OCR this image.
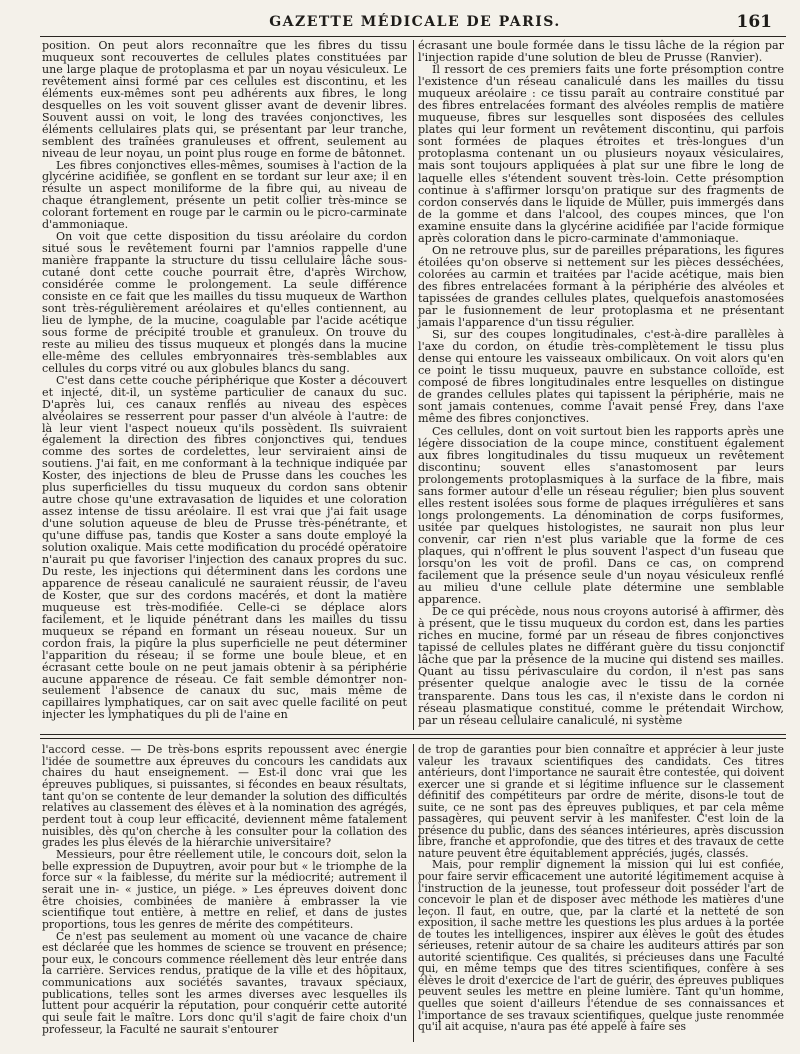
GAZETTE MÉDICALE DE PARIS.	161

position. On peut alors reconnaître que les fibres du tissu muqueux sont recouvertes de cellules plates constituées par une large plaque de protoplasma et par un noyau vésiculeux. Le revêtement ainsi formé par ces cellules est discontinu, et les éléments eux-mêmes sont peu adhérents aux fibres, le long desquelles on les voit souvent glisser avant de devenir libres. Souvent aussi on voit, le long des travées conjonctives, les éléments cellulaires plats qui, se présentant par leur tranche, semblent des traînées granuleuses et offrent, seulement au niveau de leur noyau, un point plus rouge en forme de bâtonnet.

Les fibres conjonctives elles-mêmes, soumises à l'action de la glycérine acidifiée, se gonflent en se tordant sur leur axe; il en résulte un aspect moniliforme de la fibre qui, au niveau de chaque étranglement, présente un petit collier très-mince se colorant fortement en rouge par le carmin ou le picro-carminate d'ammoniaque.

On voit que cette disposition du tissu aréolaire du cordon situé sous le revêtement fourni par l'amnios rappelle d'une manière frappante la structure du tissu cellulaire lâche sous-cutané dont cette couche pourrait être, d'après Wirchow, considérée comme le prolongement. La seule différence consiste en ce fait que les mailles du tissu muqueux de Warthon sont très-régulièrement aréolaires et qu'elles contiennent, au lieu de lymphe, de la mucine, coagulable par l'acide acétique sous forme de précipité trouble et granuleux. On trouve du reste au milieu des tissus muqueux et plongés dans la mucine elle-même des cellules embryonnaires très-semblables aux cellules du corps vitré ou aux globules blancs du sang.

C'est dans cette couche périphérique que Koster a découvert et injecté, dit-il, un système particulier de canaux du suc. D'après lui, ces canaux renflés au niveau des espèces alvéolaires se resserrent pour passer d'un alvéole à l'autre: de là leur vient l'aspect noueux qu'ils possèdent. Ils suivraient également la direction des fibres conjonctives qui, tendues comme des sortes de cordelettes, leur serviraient ainsi de soutiens. J'ai fait, en me conformant à la technique indiquée par Koster, des injections de bleu de Prusse dans les couches les plus superficielles du tissu muqueux du cordon sans obtenir autre chose qu'une extravasation de liquides et une coloration assez intense de tissu aréolaire. Il est vrai que j'ai fait usage d'une solution aqueuse de bleu de Prusse très-pénétrante, et qu'une diffuse pas, tandis que Koster a sans doute employé la solution oxalique. Mais cette modification du procédé opératoire n'aurait pu que favoriser l'injection des canaux propres du suc. Du reste, les injections qui déterminent dans les cordons une apparence de réseau canaliculé ne sauraient réussir, de l'aveu de Koster, que sur des cordons macérés, et dont la matière muqueuse est très-modifiée. Celle-ci se déplace alors facilement, et le liquide pénétrant dans les mailles du tissu muqueux se répand en formant un réseau noueux. Sur un cordon frais, la piqûre la plus superficielle ne peut déterminer l'apparition du réseau; il se forme une boule bleue, et en écrasant cette boule on ne peut jamais obtenir à sa périphérie aucune apparence de réseau. Ce fait semble démontrer non-seulement l'absence de canaux du suc, mais même de capillaires lymphatiques, car on sait avec quelle facilité on peut injecter les lymphatiques du pli de l'aine en

écrasant une boule formée dans le tissu lâche de la région par l'injection rapide d'une solution de bleu de Prusse (Ranvier).

Il ressort de ces premiers faits une forte présomption contre l'existence d'un réseau canaliculé dans les mailles du tissu muqueux aréolaire : ce tissu paraît au contraire constitué par des fibres entrelacées formant des alvéoles remplis de matière muqueuse, fibres sur lesquelles sont disposées des cellules plates qui leur forment un revêtement discontinu, qui parfois sont formées de plaques étroites et très-longues d'un protoplasma contenant un ou plusieurs noyaux vésiculaires, mais sont toujours appliquées à plat sur une fibre le long de laquelle elles s'étendent souvent très-loin. Cette présomption continue à s'affirmer lorsqu'on pratique sur des fragments de cordon conservés dans le liquide de Müller, puis immergés dans de la gomme et dans l'alcool, des coupes minces, que l'on examine ensuite dans la glycérine acidifiée par l'acide formique après coloration dans le picro-carminate d'ammoniaque.

On ne retrouve plus, sur de pareilles préparations, les figures étoilées qu'on observe si nettement sur les pièces desséchées, colorées au carmin et traitées par l'acide acétique, mais bien des fibres entrelacées formant à la périphérie des alvéoles et tapissées de grandes cellules plates, quelquefois anastomosées par le fusionnement de leur protoplasma et ne présentant jamais l'apparence d'un tissu régulier.

Si, sur des coupes longitudinales, c'est-à-dire parallèles à l'axe du cordon, on étudie très-complètement le tissu plus dense qui entoure les vaisseaux ombilicaux. On voit alors qu'en ce point le tissu muqueux, pauvre en substance colloïde, est composé de fibres longitudinales entre lesquelles on distingue de grandes cellules plates qui tapissent la périphérie, mais ne sont jamais contenues, comme l'avait pensé Frey, dans l'axe même des fibres conjonctives.

Ces cellules, dont on voit surtout bien les rapports après une légère dissociation de la coupe mince, constituent également aux fibres longitudinales du tissu muqueux un revêtement discontinu; souvent elles s'anastomosent par leurs prolongements protoplasmiques à la surface de la fibre, mais sans former autour d'elle un réseau régulier; bien plus souvent elles restent isolées sous forme de plaques irrégulières et sans longs prolongements. La dénomination de corps fusiformes, usitée par quelques histologistes, ne saurait non plus leur convenir, car rien n'est plus variable que la forme de ces plaques, qui n'offrent le plus souvent l'aspect d'un fuseau que lorsqu'on les voit de profil. Dans ce cas, on comprend facilement que la présence seule d'un noyau vésiculeux renflé au milieu d'une cellule plate détermine une semblable apparence.

De ce qui précède, nous nous croyons autorisé à affirmer, dès à présent, que le tissu muqueux du cordon est, dans les parties riches en mucine, formé par un réseau de fibres conjonctives tapissé de cellules plates ne différant guère du tissu conjonctif lâche que par la présence de la mucine qui distend ses mailles. Quant au tissu périvasculaire du cordon, il n'est pas sans présenter quelque analogie avec le tissu de la cornée transparente. Dans tous les cas, il n'existe dans le cordon ni réseau plasmatique constitué, comme le prétendait Wirchow, par un réseau cellulaire canaliculé, ni système

l'accord cesse. — De très-bons esprits repoussent avec énergie l'idée de soumettre aux épreuves du concours les candidats aux chaires du haut enseignement. — Est-il donc vrai que les épreuves publiques, si puissantes, si fécondes en beaux résultats, tant qu'on se contente de leur demander la solution des difficultés relatives au classement des élèves et à la nomination des agrégés, perdent tout à coup leur efficacité, deviennent même fatalement nuisibles, dès qu'on cherche à les consulter pour la collation des grades les plus élevés de la hiérarchie universitaire?

Messieurs, pour être réellement utile, le concours doit, selon la belle expression de Dupuytren, avoir pour but « le triomphe de la force sur « la faiblesse, du mérite sur la médiocrité; autrement il serait une in- « justice, un piége. » Les épreuves doivent donc être choisies, combinées de manière à embrasser la vie scientifique tout entière, à mettre en relief, et dans de justes proportions, tous les genres de mérite des compétiteurs.

Ce n'est pas seulement au moment où une vacance de chaire est déclarée que les hommes de science se trouvent en présence; pour eux, le concours commence réellement dès leur entrée dans la carrière. Services rendus, pratique de la ville et des hôpitaux, communications aux sociétés savantes, travaux spéciaux, publications, telles sont les armes diverses avec lesquelles ils luttent pour acquérir la réputation, pour conquérir cette autorité qui seule fait le maître. Lors donc qu'il s'agit de faire choix d'un professeur, la Faculté ne saurait s'entourer

de trop de garanties pour bien connaître et apprécier à leur juste valeur les travaux scientifiques des candidats. Ces titres antérieurs, dont l'importance ne saurait être contestée, qui doivent exercer une si grande et si légitime influence sur le classement définitif des compétiteurs par ordre de mérite, disons-le tout de suite, ce ne sont pas des épreuves publiques, et par cela même passagères, qui peuvent servir à les manifester. C'est loin de la présence du public, dans des séances intérieures, après discussion libre, franche et approfondie, que des titres et des travaux de cette nature peuvent être équitablement appréciés, jugés, classés.

Mais, pour remplir dignement la mission qui lui est confiée, pour faire servir efficacement une autorité légitimement acquise à l'instruction de la jeunesse, tout professeur doit posséder l'art de concevoir le plan et de disposer avec méthode les matières d'une leçon. Il faut, en outre, que, par la clarté et la netteté de son exposition, il sache mettre les questions les plus ardues à la portée de toutes les intelligences, inspirer aux élèves le goût des études sérieuses, retenir autour de sa chaire les auditeurs attirés par son autorité scientifique. Ces qualités, si précieuses dans une Faculté qui, en même temps que des titres scientifiques, confère à ses élèves le droit d'exercice de l'art de guérir, des épreuves publiques peuvent seules les mettre en pleine lumière. Tant qu'un homme, quelles que soient d'ailleurs l'étendue de ses connaissances et l'importance de ses travaux scientifiques, quelque juste renommée qu'il ait acquise, n'aura pas été appelé à faire ses
